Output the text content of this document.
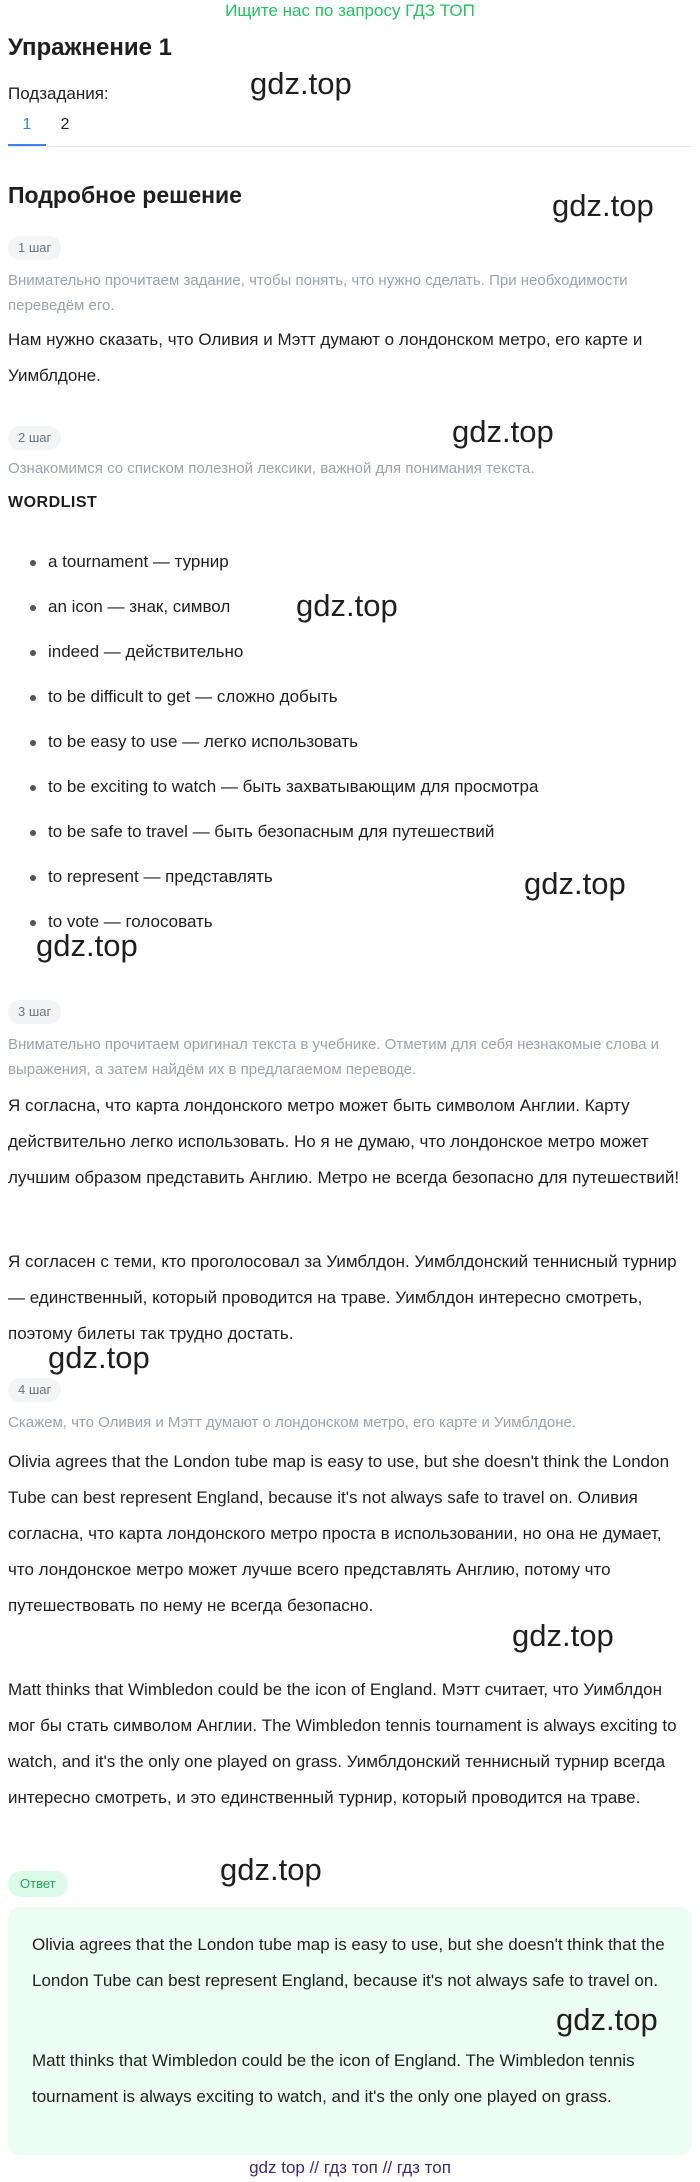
Ищите нас по запросу ГДЗ ТОП
Упражнение 1
Подзадания:
1	2
Подробное решение
1 шаг

Внимательно прочитаем задание, чтобы понять, что нужно сделать. При необходимости переведём его.

Нам нужно сказать, что Оливия и Мэтт думают о лондонском метро, его карте и Уимблдоне.

2 шаг

Ознакомимся со списком полезной лексики, важной для понимания текста.

WORDLIST
a tournament — турнир
an icon — знак, символ
indeed — действительно
to be difficult to get — сложно добыть
to be easy to use — легко использовать
to be exciting to watch — быть захватывающим для просмотра
to be safe to travel — быть безопасным для путешествий
to represent — представлять
to vote — голосовать
3 шаг

Внимательно прочитаем оригинал текста в учебнике. Отметим для себя незнакомые слова и выражения, а затем найдём их в предлагаемом переводе.

Я согласна, что карта лондонского метро может быть символом Англии. Карту действительно легко использовать. Но я не думаю, что лондонское метро может лучшим образом представить Англию. Метро не всегда безопасно для путешествий!

Я согласен с теми, кто проголосовал за Уимблдон. Уимблдонский теннисный турнир — единственный, который проводится на траве. Уимблдон интересно смотреть, поэтому билеты так трудно достать.

4 шаг

Скажем, что Оливия и Мэтт думают о лондонском метро, его карте и Уимблдоне.

Olivia agrees that the London tube map is easy to use, but she doesn't think the London Tube can best represent England, because it's not always safe to travel on. Оливия согласна, что карта лондонского метро проста в использовании, но она не думает, что лондонское метро может лучше всего представлять Англию, потому что путешествовать по нему не всегда безопасно.

Matt thinks that Wimbledon could be the icon of England. Мэтт считает, что Уимблдон мог бы стать символом Англии. The Wimbledon tennis tournament is always exciting to watch, and it's the only one played on grass. Уимблдонский теннисный турнир всегда интересно смотреть, и это единственный турнир, который проводится на траве.

Ответ

Olivia agrees that the London tube map is easy to use, but she doesn't think that the London Tube can best represent England, because it's not always safe to travel on.

Matt thinks that Wimbledon could be the icon of England. The Wimbledon tennis tournament is always exciting to watch, and it's the only one played on grass.

gdz.top
gdz.top
gdz.top
gdz.top
gdz.top
gdz.top
gdz.top
gdz.top
gdz.top
gdz.top
gdz top // гдз топ // гдз топ
